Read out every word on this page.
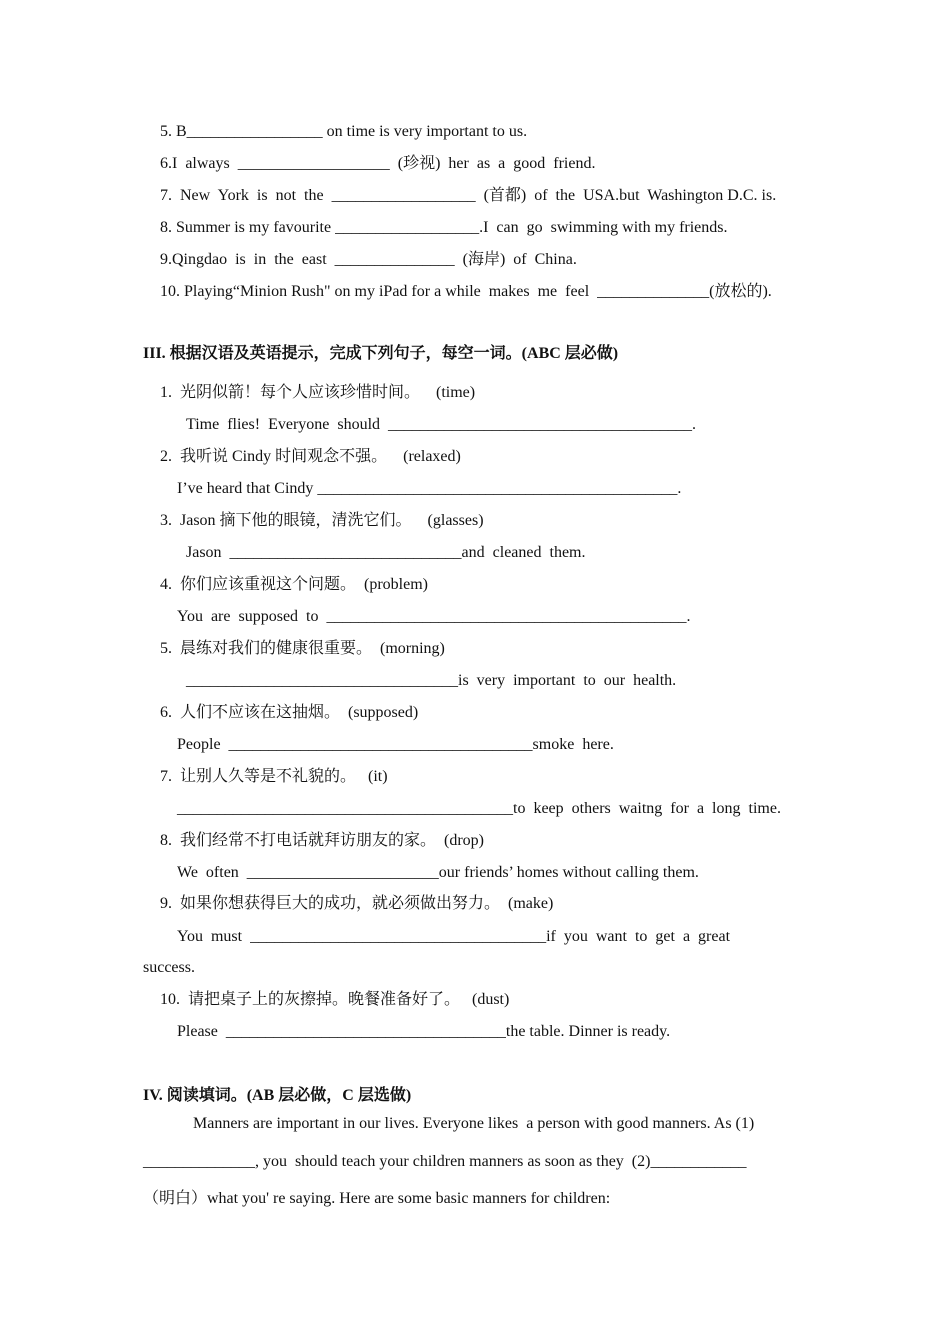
5. B_________________ on time is very important to us.
6.I  always  ___________________  (珍视)  her  as  a  good  friend.
7.  New  York  is  not  the  __________________  (首都)  of  the  USA.but  Washington D.C. is.
8. Summer is my favourite __________________.I  can  go  swimming with my friends.
9.Qingdao  is  in  the  east  _______________  (海岸)  of  China.
10. Playing“Minion Rush" on my iPad for a while  makes  me  feel  ______________(放松的).
III. 根据汉语及英语提示，完成下列句子，每空一词。(ABC 层必做)
1.  光阴似箭！每个人应该珍惜时间。    (time)
Time  flies!  Everyone  should  ______________________________________.
2.  我听说 Cindy 时间观念不强。    (relaxed)
I’ve heard that Cindy _____________________________________________.
3.  Jason 摘下他的眼镜，清洗它们。    (glasses)
Jason  _____________________________and  cleaned  them.
4.  你们应该重视这个问题。  (problem)
You  are  supposed  to  _____________________________________________.
5.  晨练对我们的健康很重要。  (morning)
__________________________________is  very  important  to  our  health.
6.  人们不应该在这抽烟。  (supposed)
People  ______________________________________smoke  here.
7.  让别人久等是不礼貌的。   (it)
__________________________________________to  keep  others  waitng  for  a  long  time.
8.  我们经常不打电话就拜访朋友的家。  (drop)
We  often  ________________________our friends’ homes without calling them.
9.  如果你想获得巨大的成功，就必须做出努力。  (make)
You  must  _____________________________________if  you  want  to  get  a  great
success.
10.  请把桌子上的灰擦掉。晚餐准备好了。   (dust)
Please  ___________________________________the table. Dinner is ready.
IV. 阅读填词。(AB 层必做，C 层选做)
Manners are important in our lives. Everyone likes  a person with good manners. As (1)
______________, you  should teach your children manners as soon as they  (2)____________
（明白）what you' re saying. Here are some basic manners for children:
